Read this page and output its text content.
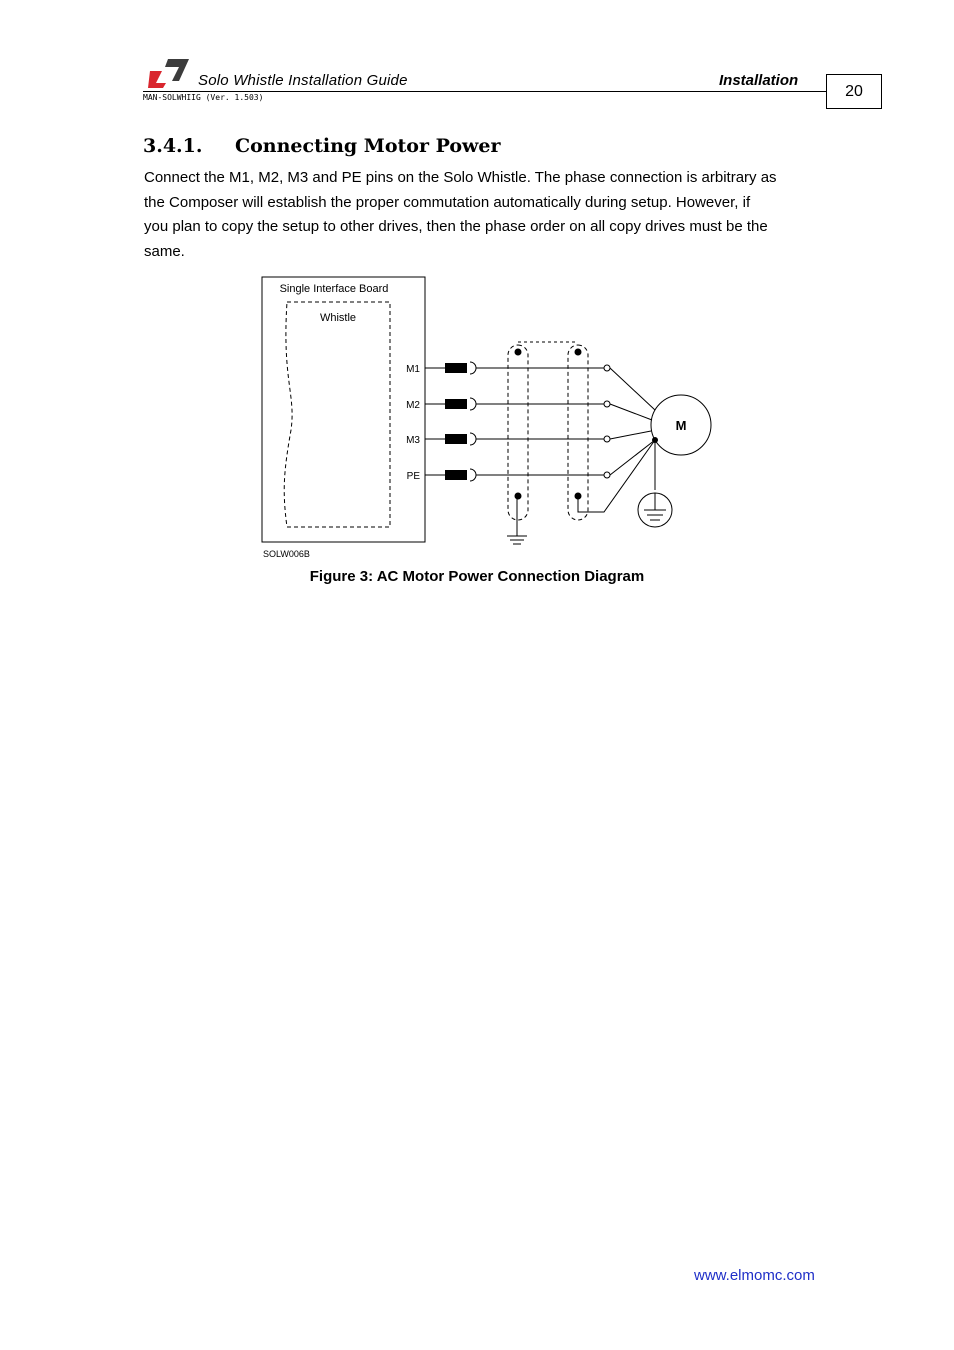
Solo Whistle Installation Guide	Installation
20
MAN-SOLWHIIG (Ver. 1.503)
3.4.1. Connecting Motor Power
Connect the M1, M2, M3 and PE pins on the Solo Whistle. The phase connection is arbitrary as
the Composer will establish the proper commutation automatically during setup. However, if
you plan to copy the setup to other drives, then the phase order on all copy drives must be the
same.
Single Interface Board
Whistle
M1
M2
M3
PE
M
SOLW006B
Figure 3: AC Motor Power Connection Diagram
www.elmomc.com
